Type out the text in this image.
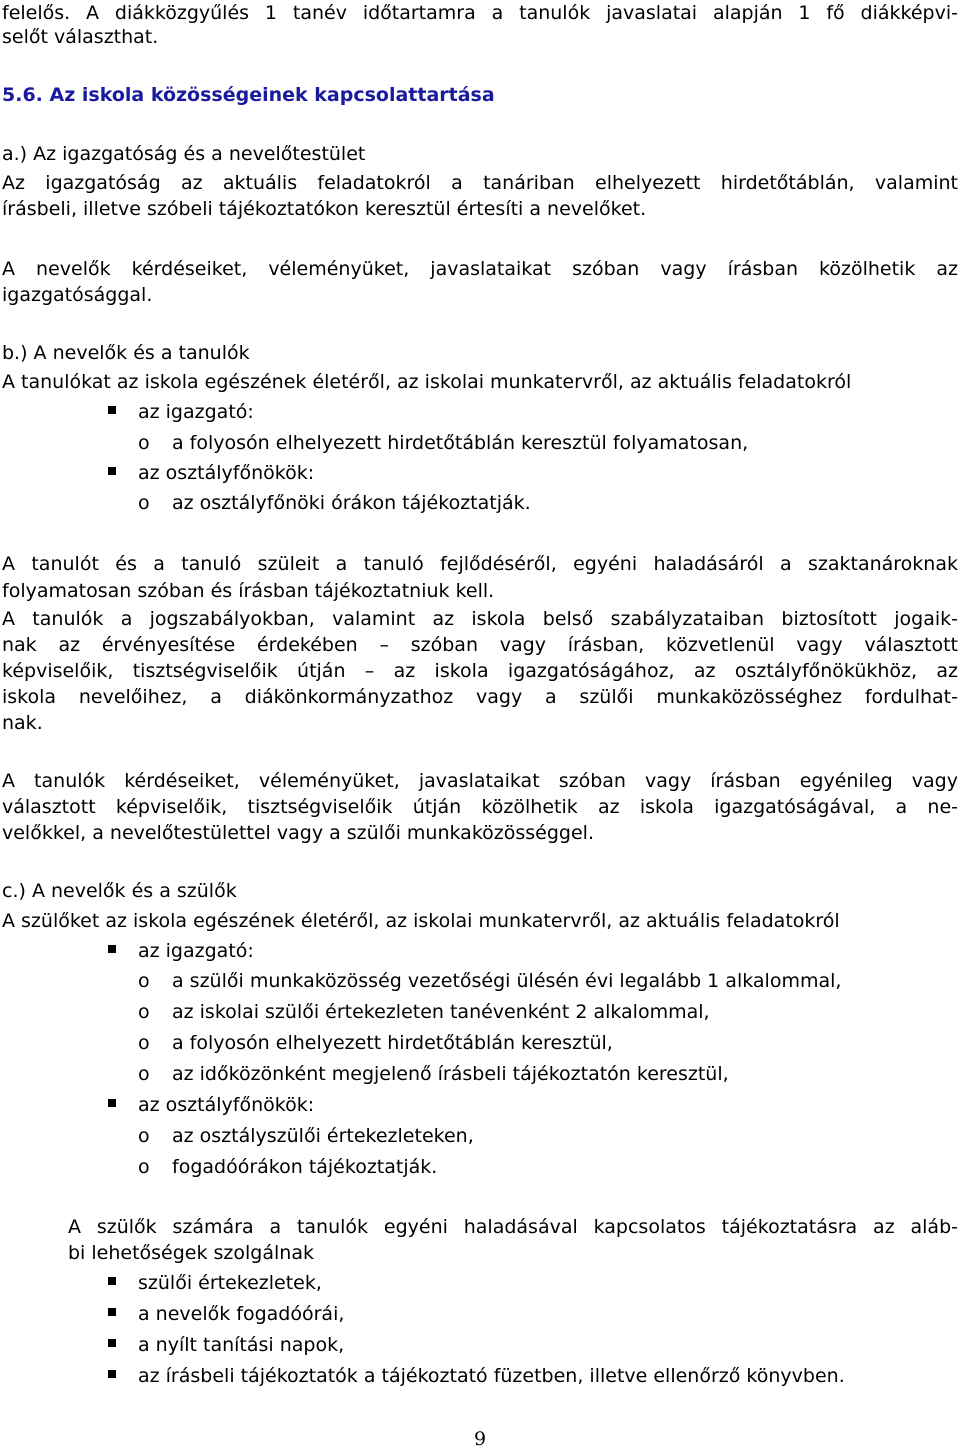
felelős. A diákközgyűlés 1 tanév időtartamra a tanulók javaslatai alapján 1 fő diákképvi-
selőt választhat.
5.6. Az iskola közösségeinek kapcsolattartása
a.) Az igazgatóság és a nevelőtestület
Az igazgatóság az aktuális feladatokról a tanáriban elhelyezett hirdetőtáblán, valamint
írásbeli, illetve szóbeli tájékoztatókon keresztül értesíti a nevelőket.
A nevelők kérdéseiket, véleményüket, javaslataikat szóban vagy írásban közölhetik az
igazgatósággal.
b.) A nevelők és a tanulók
A tanulókat az iskola egészének életéről, az iskolai munkatervről, az aktuális feladatokról
az igazgató:
o a folyosón elhelyezett hirdetőtáblán keresztül folyamatosan,
az osztályfőnökök:
o az osztályfőnöki órákon tájékoztatják.
A tanulót és a tanuló szüleit a tanuló fejlődéséről, egyéni haladásáról a szaktanároknak
folyamatosan szóban és írásban tájékoztatniuk kell.
A tanulók a jogszabályokban, valamint az iskola belső szabályzataiban biztosított jogaik-
nak az érvényesítése érdekében – szóban vagy írásban, közvetlenül vagy választott
képviselőik, tisztségviselőik útján – az iskola igazgatóságához, az osztályfőnökükhöz, az
iskola nevelőihez, a diákönkormányzathoz vagy a szülői munkaközösséghez fordulhat-
nak.
A tanulók kérdéseiket, véleményüket, javaslataikat szóban vagy írásban egyénileg vagy
választott képviselőik, tisztségviselőik útján közölhetik az iskola igazgatóságával, a ne-
velőkkel, a nevelőtestülettel vagy a szülői munkaközösséggel.
c.) A nevelők és a szülők
A szülőket az iskola egészének életéről, az iskolai munkatervről, az aktuális feladatokról
az igazgató:
o a szülői munkaközösség vezetőségi ülésén évi legalább 1 alkalommal,
o az iskolai szülői értekezleten tanévenként 2 alkalommal,
o a folyosón elhelyezett hirdetőtáblán keresztül,
o az időközönként megjelenő írásbeli tájékoztatón keresztül,
az osztályfőnökök:
o az osztályszülői értekezleteken,
o fogadóórákon tájékoztatják.
A szülők számára a tanulók egyéni haladásával kapcsolatos tájékoztatásra az aláb-
bi lehetőségek szolgálnak
szülői értekezletek,
a nevelők fogadóórái,
a nyílt tanítási napok,
az írásbeli tájékoztatók a tájékoztató füzetben, illetve ellenőrző könyvben.
9
